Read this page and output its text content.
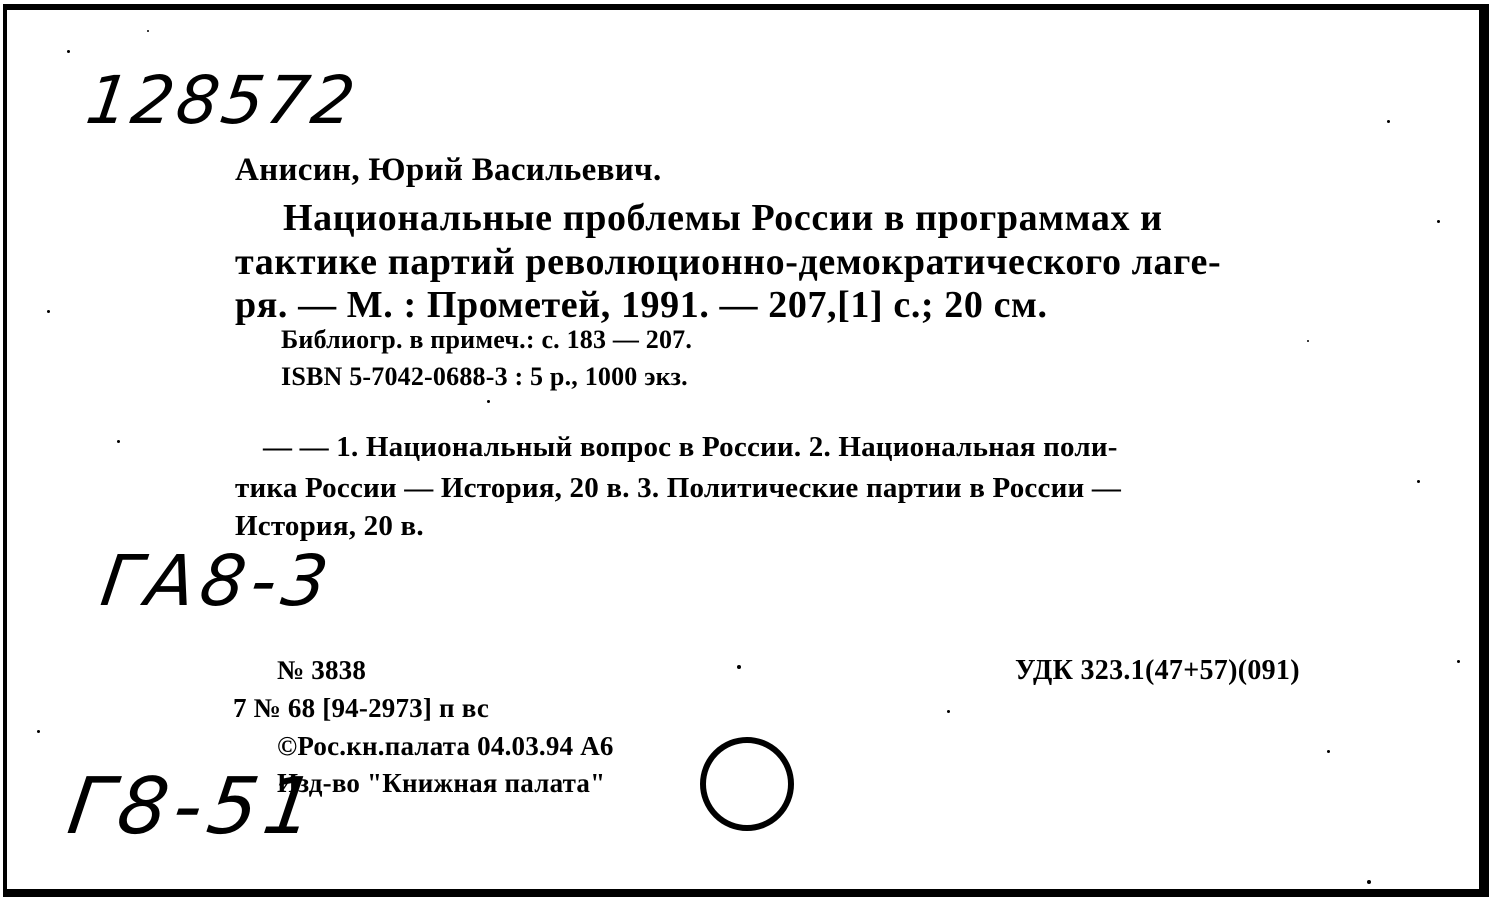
128572
Анисин, Юрий Васильевич.
Национальные проблемы России в программах и
тактике партий революционно-демократического лаге-
ря. — М. : Прометей, 1991. — 207,[1] с.; 20 см.
Библиогр. в примеч.: с. 183 — 207.
ISBN 5-7042-0688-3 : 5 р., 1000 экз.
— — 1. Национальный вопрос в России. 2. Национальная поли-
тика России — История, 20 в. 3. Политические партии в России —
История, 20 в.
ГА8-3
№ 3838
7 № 68 [94-2973] п вс
©Рос.кн.палата 04.03.94 А6
Изд-во "Книжная палата"
УДК 323.1(47+57)(091)
Г8-51
